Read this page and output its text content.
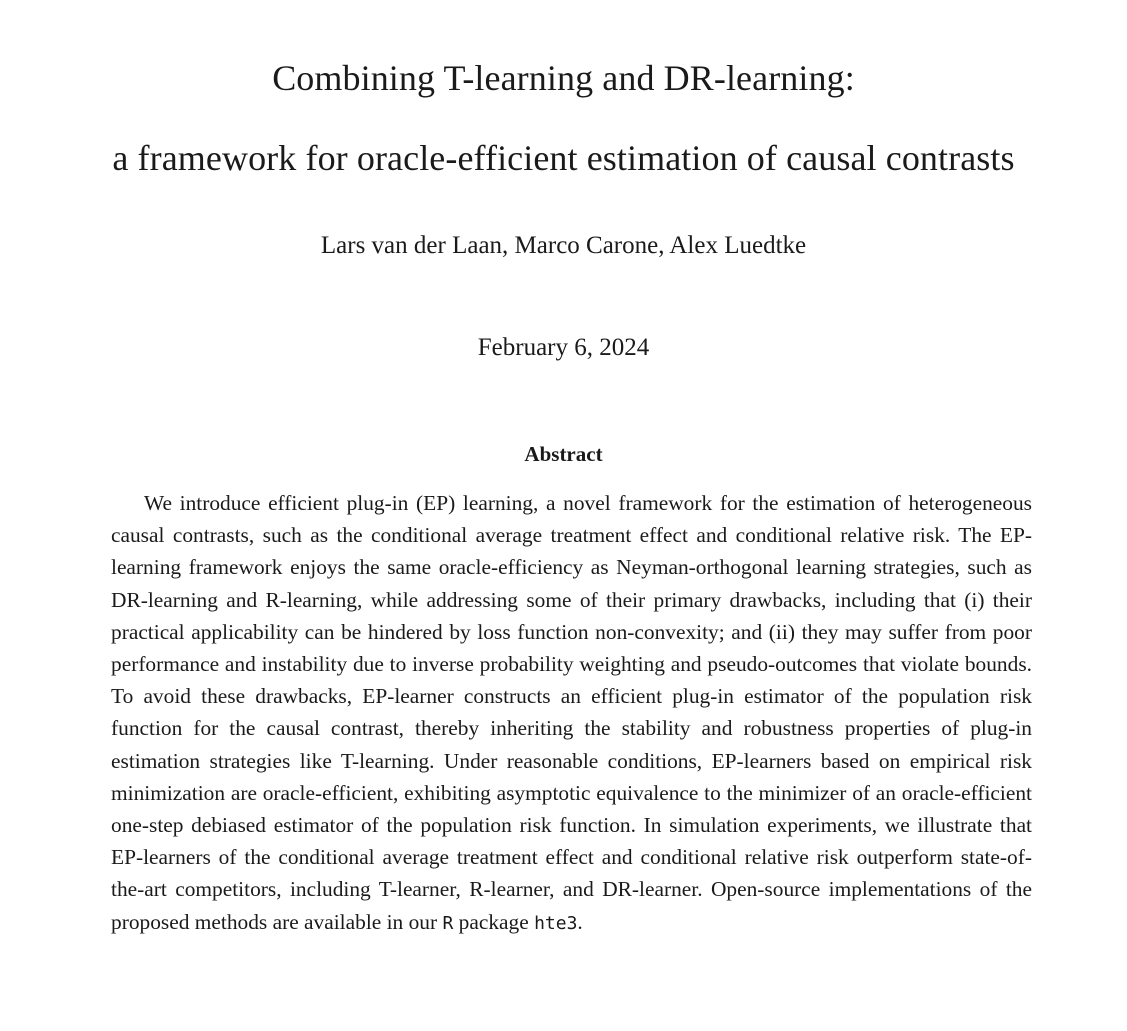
Combining T-learning and DR-learning:
a framework for oracle-efficient estimation of causal contrasts
Lars van der Laan, Marco Carone, Alex Luedtke
February 6, 2024
Abstract
We introduce efficient plug-in (EP) learning, a novel framework for the estimation of heterogeneous causal contrasts, such as the conditional average treatment effect and conditional relative risk. The EP-learning framework enjoys the same oracle-efficiency as Neyman-orthogonal learning strategies, such as DR-learning and R-learning, while addressing some of their primary drawbacks, including that (i) their practical applicability can be hindered by loss function non-convexity; and (ii) they may suffer from poor performance and instability due to inverse probability weighting and pseudo-outcomes that violate bounds. To avoid these drawbacks, EP-learner constructs an efficient plug-in estimator of the population risk function for the causal contrast, thereby inheriting the stability and robustness properties of plug-in estimation strategies like T-learning. Under reasonable conditions, EP-learners based on empirical risk minimization are oracle-efficient, exhibiting asymptotic equivalence to the minimizer of an oracle-efficient one-step debiased estimator of the population risk function. In simulation experiments, we illustrate that EP-learners of the conditional average treatment effect and conditional relative risk outperform state-of-the-art competitors, including T-learner, R-learner, and DR-learner. Open-source implementations of the proposed methods are available in our R package hte3.
